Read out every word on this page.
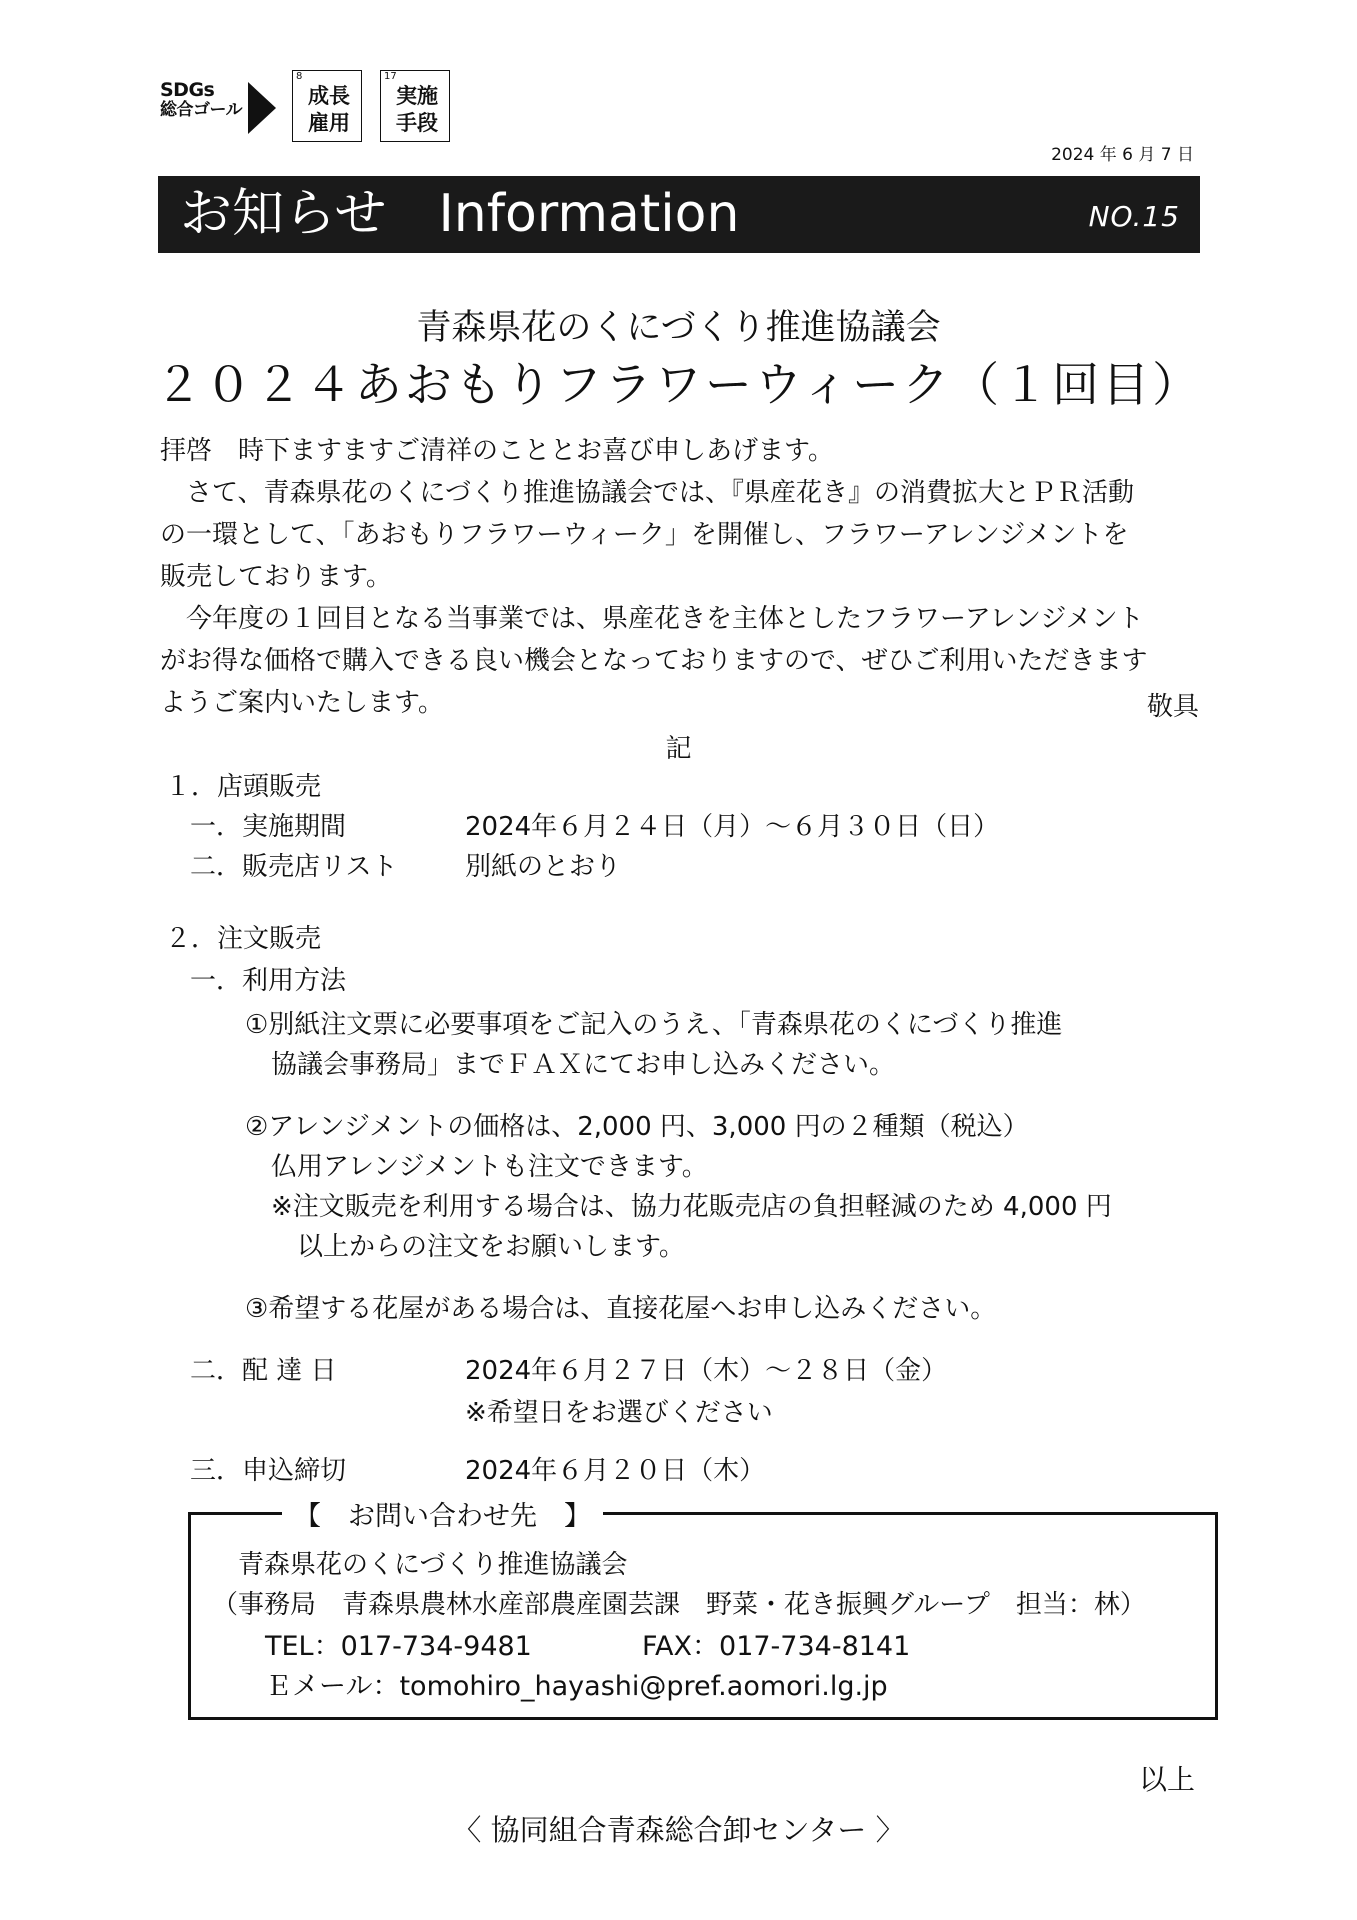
SDGs
総合ゴール
8
成長
雇用
17
実施
手段
2024 年 6 月 7 日
お知らせ　Information	NO.15
青森県花のくにづくり推進協議会
２０２４あおもりフラワーウィーク（１回目）
拝啓　時下ますますご清祥のこととお喜び申しあげます。
　さて、青森県花のくにづくり推進協議会では、『県産花き』の消費拡大とＰＲ活動
の一環として、「あおもりフラワーウィーク」を開催し、フラワーアレンジメントを
販売しております。
　今年度の１回目となる当事業では、県産花きを主体としたフラワーアレンジメント
がお得な価格で購入できる良い機会となっておりますので、ぜひご利用いただきます
ようご案内いたします。	敬具
記
１．店頭販売
一．実施期間	2024年６月２４日（月）～６月３０日（日）
二．販売店リスト	別紙のとおり
２．注文販売
一．利用方法
①別紙注文票に必要事項をご記入のうえ、「青森県花のくにづくり推進
　協議会事務局」までＦＡＸにてお申し込みください。
②アレンジメントの価格は、2,000 円、3,000 円の２種類（税込）
　仏用アレンジメントも注文できます。
　※注文販売を利用する場合は、協力花販売店の負担軽減のため 4,000 円
　　以上からの注文をお願いします。
③希望する花屋がある場合は、直接花屋へお申し込みください。
二．配 達 日	2024年６月２７日（木）～２８日（金）
※希望日をお選びください
三．申込締切	2024年６月２０日（木）
【　お問い合わせ先　】
青森県花のくにづくり推進協議会
（事務局　青森県農林水産部農産園芸課　野菜・花き振興グループ　担当：林）
TEL：017-734-9481	FAX：017-734-8141
Ｅメール：tomohiro_hayashi@pref.aomori.lg.jp
以上
〈 協同組合青森総合卸センター 〉
